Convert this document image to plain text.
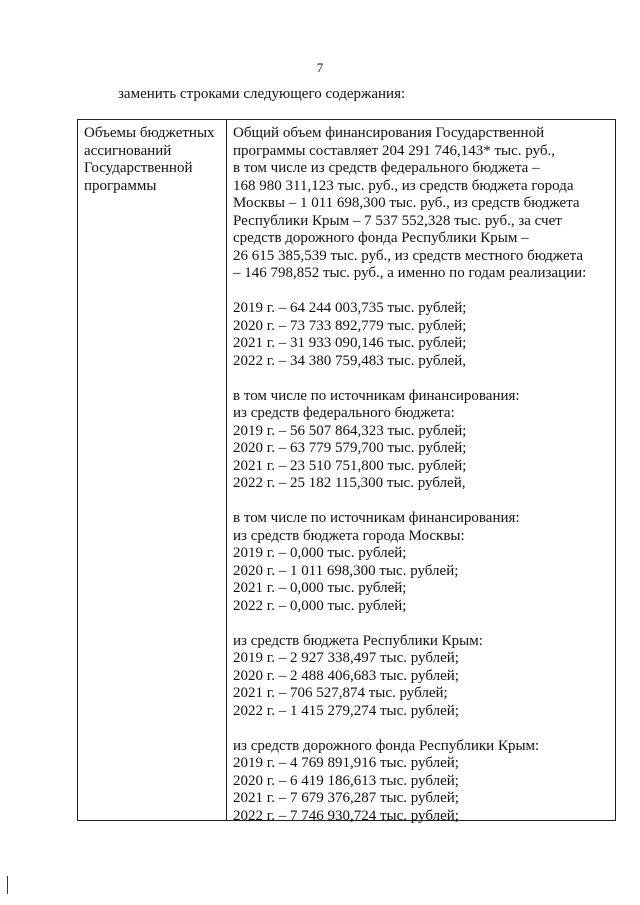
7
заменить строками следующего содержания:
Объемы бюджетных
ассигнований
Государственной
программы
Общий объем финансирования Государственной
программы составляет 204 291 746,143* тыс. руб.,
в том числе из средств федерального бюджета –
168 980 311,123 тыс. руб., из средств бюджета города
Москвы – 1 011 698,300 тыс. руб., из средств бюджета
Республики Крым – 7 537 552,328 тыс. руб., за счет
средств дорожного фонда Республики Крым –
26 615 385,539 тыс. руб., из средств местного бюджета
– 146 798,852 тыс. руб., а именно по годам реализации:
2019 г. – 64 244 003,735 тыс. рублей;
2020 г. – 73 733 892,779 тыс. рублей;
2021 г. – 31 933 090,146 тыс. рублей;
2022 г. – 34 380 759,483 тыс. рублей,
в том числе по источникам финансирования:
из средств федерального бюджета:
2019 г. – 56 507 864,323 тыс. рублей;
2020 г. – 63 779 579,700 тыс. рублей;
2021 г. – 23 510 751,800 тыс. рублей;
2022 г. – 25 182 115,300 тыс. рублей,
в том числе по источникам финансирования:
из средств бюджета города Москвы:
2019 г. – 0,000 тыс. рублей;
2020 г. – 1 011 698,300 тыс. рублей;
2021 г. – 0,000 тыс. рублей;
2022 г. – 0,000 тыс. рублей;
из средств бюджета Республики Крым:
2019 г. – 2 927 338,497 тыс. рублей;
2020 г. – 2 488 406,683 тыс. рублей;
2021 г. – 706 527,874 тыс. рублей;
2022 г. – 1 415 279,274 тыс. рублей;
из средств дорожного фонда Республики Крым:
2019 г. – 4 769 891,916 тыс. рублей;
2020 г. – 6 419 186,613 тыс. рублей;
2021 г. – 7 679 376,287 тыс. рублей;
2022 г. – 7 746 930,724 тыс. рублей;
